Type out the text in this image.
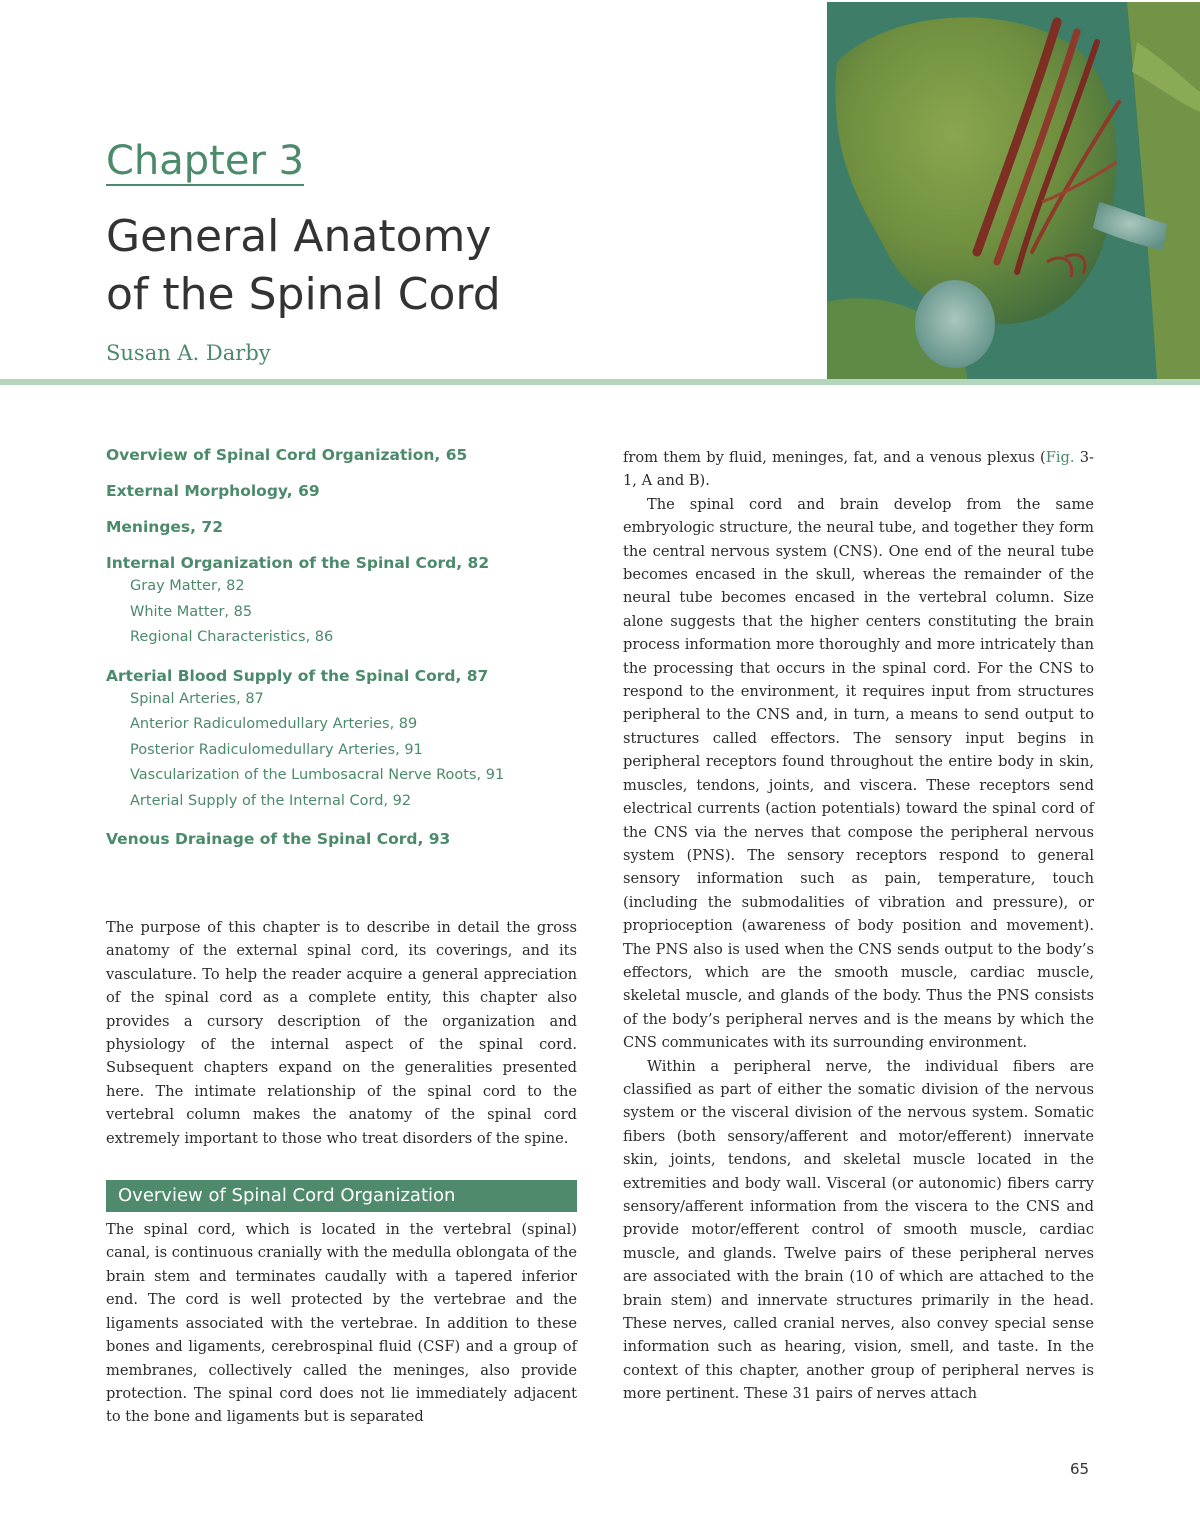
Chapter 3
General Anatomy
of the Spinal Cord
Susan A. Darby
Overview of Spinal Cord Organization, 65
External Morphology, 69
Meninges, 72
Internal Organization of the Spinal Cord, 82
Gray Matter, 82
White Matter, 85
Regional Characteristics, 86
Arterial Blood Supply of the Spinal Cord, 87
Spinal Arteries, 87
Anterior Radiculomedullary Arteries, 89
Posterior Radiculomedullary Arteries, 91
Vascularization of the Lumbosacral Nerve Roots, 91
Arterial Supply of the Internal Cord, 92
Venous Drainage of the Spinal Cord, 93

The purpose of this chapter is to describe in detail the gross anatomy of the external spinal cord, its coverings, and its vasculature. To help the reader acquire a general appreciation of the spinal cord as a complete entity, this chapter also provides a cursory description of the organization and physiology of the internal aspect of the spinal cord. Subsequent chapters expand on the generalities presented here. The intimate relationship of the spinal cord to the vertebral column makes the anatomy of the spinal cord extremely important to those who treat disorders of the spine.

Overview of Spinal Cord Organization

The spinal cord, which is located in the vertebral (spinal) canal, is continuous cranially with the medulla oblongata of the brain stem and terminates caudally with a tapered inferior end. The cord is well protected by the vertebrae and the ligaments associated with the vertebrae. In addition to these bones and ligaments, cerebrospinal fluid (CSF) and a group of membranes, collectively called the meninges, also provide protection. The spinal cord does not lie immediately adjacent to the bone and ligaments but is separated

from them by fluid, meninges, fat, and a venous plexus (Fig. 3-1, A and B).

The spinal cord and brain develop from the same embryologic structure, the neural tube, and together they form the central nervous system (CNS). One end of the neural tube becomes encased in the skull, whereas the remainder of the neural tube becomes encased in the vertebral column. Size alone suggests that the higher centers constituting the brain process information more thoroughly and more intricately than the processing that occurs in the spinal cord. For the CNS to respond to the environment, it requires input from structures peripheral to the CNS and, in turn, a means to send output to structures called effectors. The sensory input begins in peripheral receptors found throughout the entire body in skin, muscles, tendons, joints, and viscera. These receptors send electrical currents (action potentials) toward the spinal cord of the CNS via the nerves that compose the peripheral nervous system (PNS). The sensory receptors respond to general sensory information such as pain, temperature, touch (including the submodalities of vibration and pressure), or proprioception (awareness of body position and movement). The PNS also is used when the CNS sends output to the body’s effectors, which are the smooth muscle, cardiac muscle, skeletal muscle, and glands of the body. Thus the PNS consists of the body’s peripheral nerves and is the means by which the CNS communicates with its surrounding environment.

Within a peripheral nerve, the individual fibers are classified as part of either the somatic division of the nervous system or the visceral division of the nervous system. Somatic fibers (both sensory/afferent and motor/efferent) innervate skin, joints, tendons, and skeletal muscle located in the extremities and body wall. Visceral (or autonomic) fibers carry sensory/afferent information from the viscera to the CNS and provide motor/efferent control of smooth muscle, cardiac muscle, and glands. Twelve pairs of these peripheral nerves are associated with the brain (10 of which are attached to the brain stem) and innervate structures primarily in the head. These nerves, called cranial nerves, also convey special sense information such as hearing, vision, smell, and taste. In the context of this chapter, another group of peripheral nerves is more pertinent. These 31 pairs of nerves attach

65
